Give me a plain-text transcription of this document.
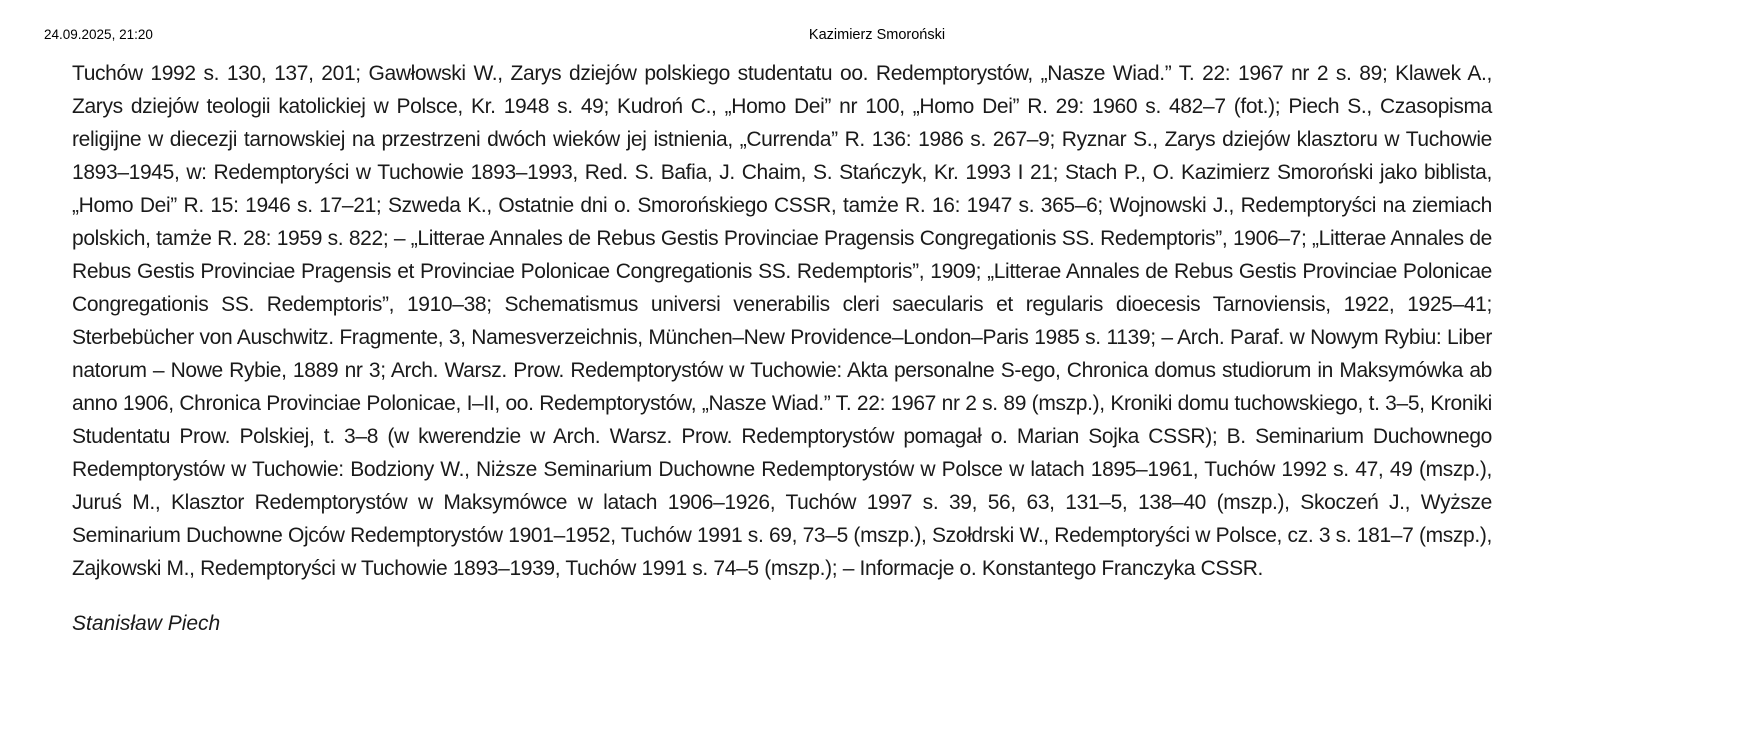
24.09.2025, 21:20	Kazimierz Smoroński

Tuchów 1992 s. 130, 137, 201; Gawłowski W., Zarys dziejów polskiego studentatu oo. Redemptorystów, „Nasze Wiad.” T. 22: 1967 nr 2 s. 89; Klawek A., Zarys dziejów teologii katolickiej w Polsce, Kr. 1948 s. 49; Kudroń C., „Homo Dei” nr 100, „Homo Dei” R. 29: 1960 s. 482–7 (fot.); Piech S., Czasopisma religijne w diecezji tarnowskiej na przestrzeni dwóch wieków jej istnienia, „Currenda” R. 136: 1986 s. 267–9; Ryznar S., Zarys dziejów klasztoru w Tuchowie 1893–1945, w: Redemptoryści w Tuchowie 1893–1993, Red. S. Bafia, J. Chaim, S. Stańczyk, Kr. 1993 I 21; Stach P., O. Kazimierz Smoroński jako biblista, „Homo Dei” R. 15: 1946 s. 17–21; Szweda K., Ostatnie dni o. Smorońskiego CSSR, tamże R. 16: 1947 s. 365–6; Wojnowski J., Redemptoryści na ziemiach polskich, tamże R. 28: 1959 s. 822; – „Litterae Annales de Rebus Gestis Provinciae Pragensis Congregationis SS. Redemptoris”, 1906–7; „Litterae Annales de Rebus Gestis Provinciae Pragensis et Provinciae Polonicae Congregationis SS. Redemptoris”, 1909; „Litterae Annales de Rebus Gestis Provinciae Polonicae Congregationis SS. Redemptoris”, 1910–38; Schematismus universi venerabilis cleri saecularis et regularis dioecesis Tarnoviensis, 1922, 1925–41; Sterbebücher von Auschwitz. Fragmente, 3, Namesverzeichnis, München–New Providence–London–Paris 1985 s. 1139; – Arch. Paraf. w Nowym Rybiu: Liber natorum – Nowe Rybie, 1889 nr 3; Arch. Warsz. Prow. Redemptorystów w Tuchowie: Akta personalne S-ego, Chronica domus studiorum in Maksymówka ab anno 1906, Chronica Provinciae Polonicae, I–II, oo. Redemptorystów, „Nasze Wiad.” T. 22: 1967 nr 2 s. 89 (mszp.), Kroniki domu tuchowskiego, t. 3–5, Kroniki Studentatu Prow. Polskiej, t. 3–8 (w kwerendzie w Arch. Warsz. Prow. Redemptorystów pomagał o. Marian Sojka CSSR); B. Seminarium Duchownego Redemptorystów w Tuchowie: Bodziony W., Niższe Seminarium Duchowne Redemptorystów w Polsce w latach 1895–1961, Tuchów 1992 s. 47, 49 (mszp.), Juruś M., Klasztor Redemptorystów w Maksymówce w latach 1906–1926, Tuchów 1997 s. 39, 56, 63, 131–5, 138–40 (mszp.), Skoczeń J., Wyższe Seminarium Duchowne Ojców Redemptorystów 1901–1952, Tuchów 1991 s. 69, 73–5 (mszp.), Szołdrski W., Redemptoryści w Polsce, cz. 3 s. 181–7 (mszp.), Zajkowski M., Redemptoryści w Tuchowie 1893–1939, Tuchów 1991 s. 74–5 (mszp.); – Informacje o. Konstantego Franczyka CSSR.

Stanisław Piech
